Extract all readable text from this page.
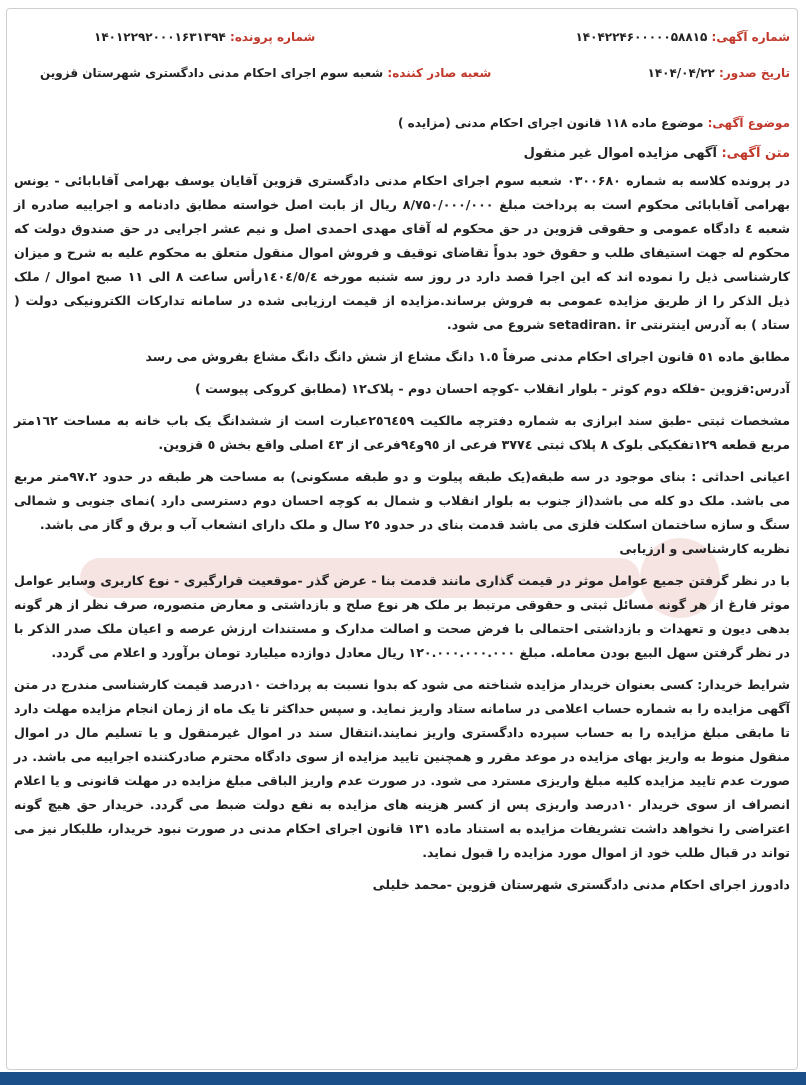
شماره آگهی: ۱۴۰۴۲۲۴۶۰۰۰۰۰۵۸۸۱۵
شماره پرونده: ۱۴۰۱۲۲۹۲۰۰۰۱۶۳۱۳۹۴
تاریخ صدور: ۱۴۰۴/۰۴/۲۲
شعبه صادر کننده: شعبه سوم اجرای احکام مدنی دادگستری شهرستان قزوین
موضوع آگهی: موضوع ماده ۱۱۸ قانون اجرای احکام مدنی (مزایده )
متن آگهی: آگهی مزایده اموال غیر منقول

در پرونده کلاسه به شماره ۰۳۰۰۶۸۰ شعبه سوم اجرای احکام مدنی دادگستری قزوین آقایان یوسف بهرامی آقابابائی - یونس بهرامی آقابابائی محکوم است به پرداخت مبلغ ۸/۷۵۰/۰۰۰/۰۰۰ ریال از بابت اصل خواسته مطابق دادنامه و اجراییه صادره از شعبه ٤ دادگاه عمومی و حقوقی قزوین در حق محکوم له آقای مهدی احمدی اصل و نیم عشر اجرایی در حق صندوق دولت که محکوم له جهت استیفای طلب و حقوق خود بدواً تقاضای توقیف و فروش اموال منقول متعلق به محکوم علیه به شرح و میزان کارشناسی ذیل را نموده اند که این اجرا قصد دارد در روز سه شنبه مورخه ۱٤۰٤/٥/٤رأس ساعت ۸ الی ۱۱ صبح اموال / ملک ذیل الذکر را از طریق مزایده عمومی به فروش برساند.مزایده از قیمت ارزیابی شده در سامانه تدارکات الکترونیکی دولت ( ستاد ) به آدرس اینترنتی setadiran. ir شروع می شود.

مطابق ماده ٥۱ قانون اجرای احکام مدنی صرفاً ۱.٥ دانگ مشاع از شش دانگ دانگ مشاع بفروش می رسد

آدرس:قزوین -فلکه دوم کوثر - بلوار انقلاب -کوچه احسان دوم - پلاک۱۲ (مطابق کروکی پیوست )

مشخصات ثبتی -طبق سند ابرازی به شماره دفترچه مالکیت ۲٥٦٤٥۹عبارت است از ششدانگ یک باب خانه به مساحت ۱٦۲متر مربع قطعه ۱۲۹تفکیکی بلوک ۸ پلاک ثبتی ۳۷۷٤ فرعی از ۹٥و۹٤فرعی از ٤۳ اصلی واقع بخش ٥ قزوین.

اعیانی احداثی : بنای موجود در سه طبقه(یک طبقه پیلوت و دو طبقه مسکونی) به مساحت هر طبقه در حدود ۹۷.۲متر مربع می باشد. ملک دو کله می باشد(از جنوب به بلوار انقلاب و شمال به کوچه احسان دوم دسترسی دارد )نمای جنوبی و شمالی سنگ و سازه ساختمان اسکلت فلزی می باشد قدمت بنای در حدود ۲٥ سال و ملک دارای انشعاب آب و برق و گاز می باشد.

نظریه کارشناسی و ارزیابی

با در نظر گرفتن جمیع عوامل موثر در قیمت گذاری مانند قدمت بنا - عرض گذر -موقعیت قرارگیری - نوع کاربری وسایر عوامل موثر فارغ از هر گونه مسائل ثبتی و حقوقی مرتبط بر ملک هر نوع صلح و بازداشتی و معارض متصوره، صرف نظر از هر گونه بدهی دیون و تعهدات و بازداشتی احتمالی با فرض صحت و اصالت مدارک و مستندات ارزش عرصه و اعیان ملک صدر الذکر با در نظر گرفتن سهل البیع بودن معامله. مبلغ ۱۲۰.۰۰۰.۰۰۰.۰۰۰ ریال معادل دوازده میلیارد تومان برآورد و اعلام می گردد.

شرایط خریدار: کسی بعنوان خریدار مزایده شناخته می شود که بدوا نسبت به پرداخت ۱۰درصد قیمت کارشناسی مندرج در متن آگهی مزایده را به شماره حساب اعلامی در سامانه ستاد واریز نماید. و سپس حداکثر تا یک ماه از زمان انجام مزایده مهلت دارد تا مابقی مبلغ مزایده را به حساب سپرده دادگستری واریز نمایند.انتقال سند در اموال غیرمنقول و یا تسلیم مال در اموال منقول منوط به واریز بهای مزایده در موعد مقرر و همچنین تایید مزایده از سوی دادگاه محترم صادرکننده اجراییه می باشد. در صورت عدم تایید مزایده کلیه مبلغ واریزی مسترد می شود. در صورت عدم واریز الباقی مبلغ مزایده در مهلت قانونی و یا اعلام انصراف از سوی خریدار ۱۰درصد واریزی پس از کسر هزینه های مزایده به نفع دولت ضبط می گردد. خریدار حق هیچ گونه اعتراضی را نخواهد داشت تشریفات مزایده به استناد ماده ۱۳۱ قانون اجرای احکام مدنی در صورت نبود خریدار، طلبکار نیز می تواند در قبال طلب خود از اموال مورد مزایده را قبول نماید.

دادورز اجرای احکام مدنی دادگستری شهرستان قزوین -محمد خلیلی
